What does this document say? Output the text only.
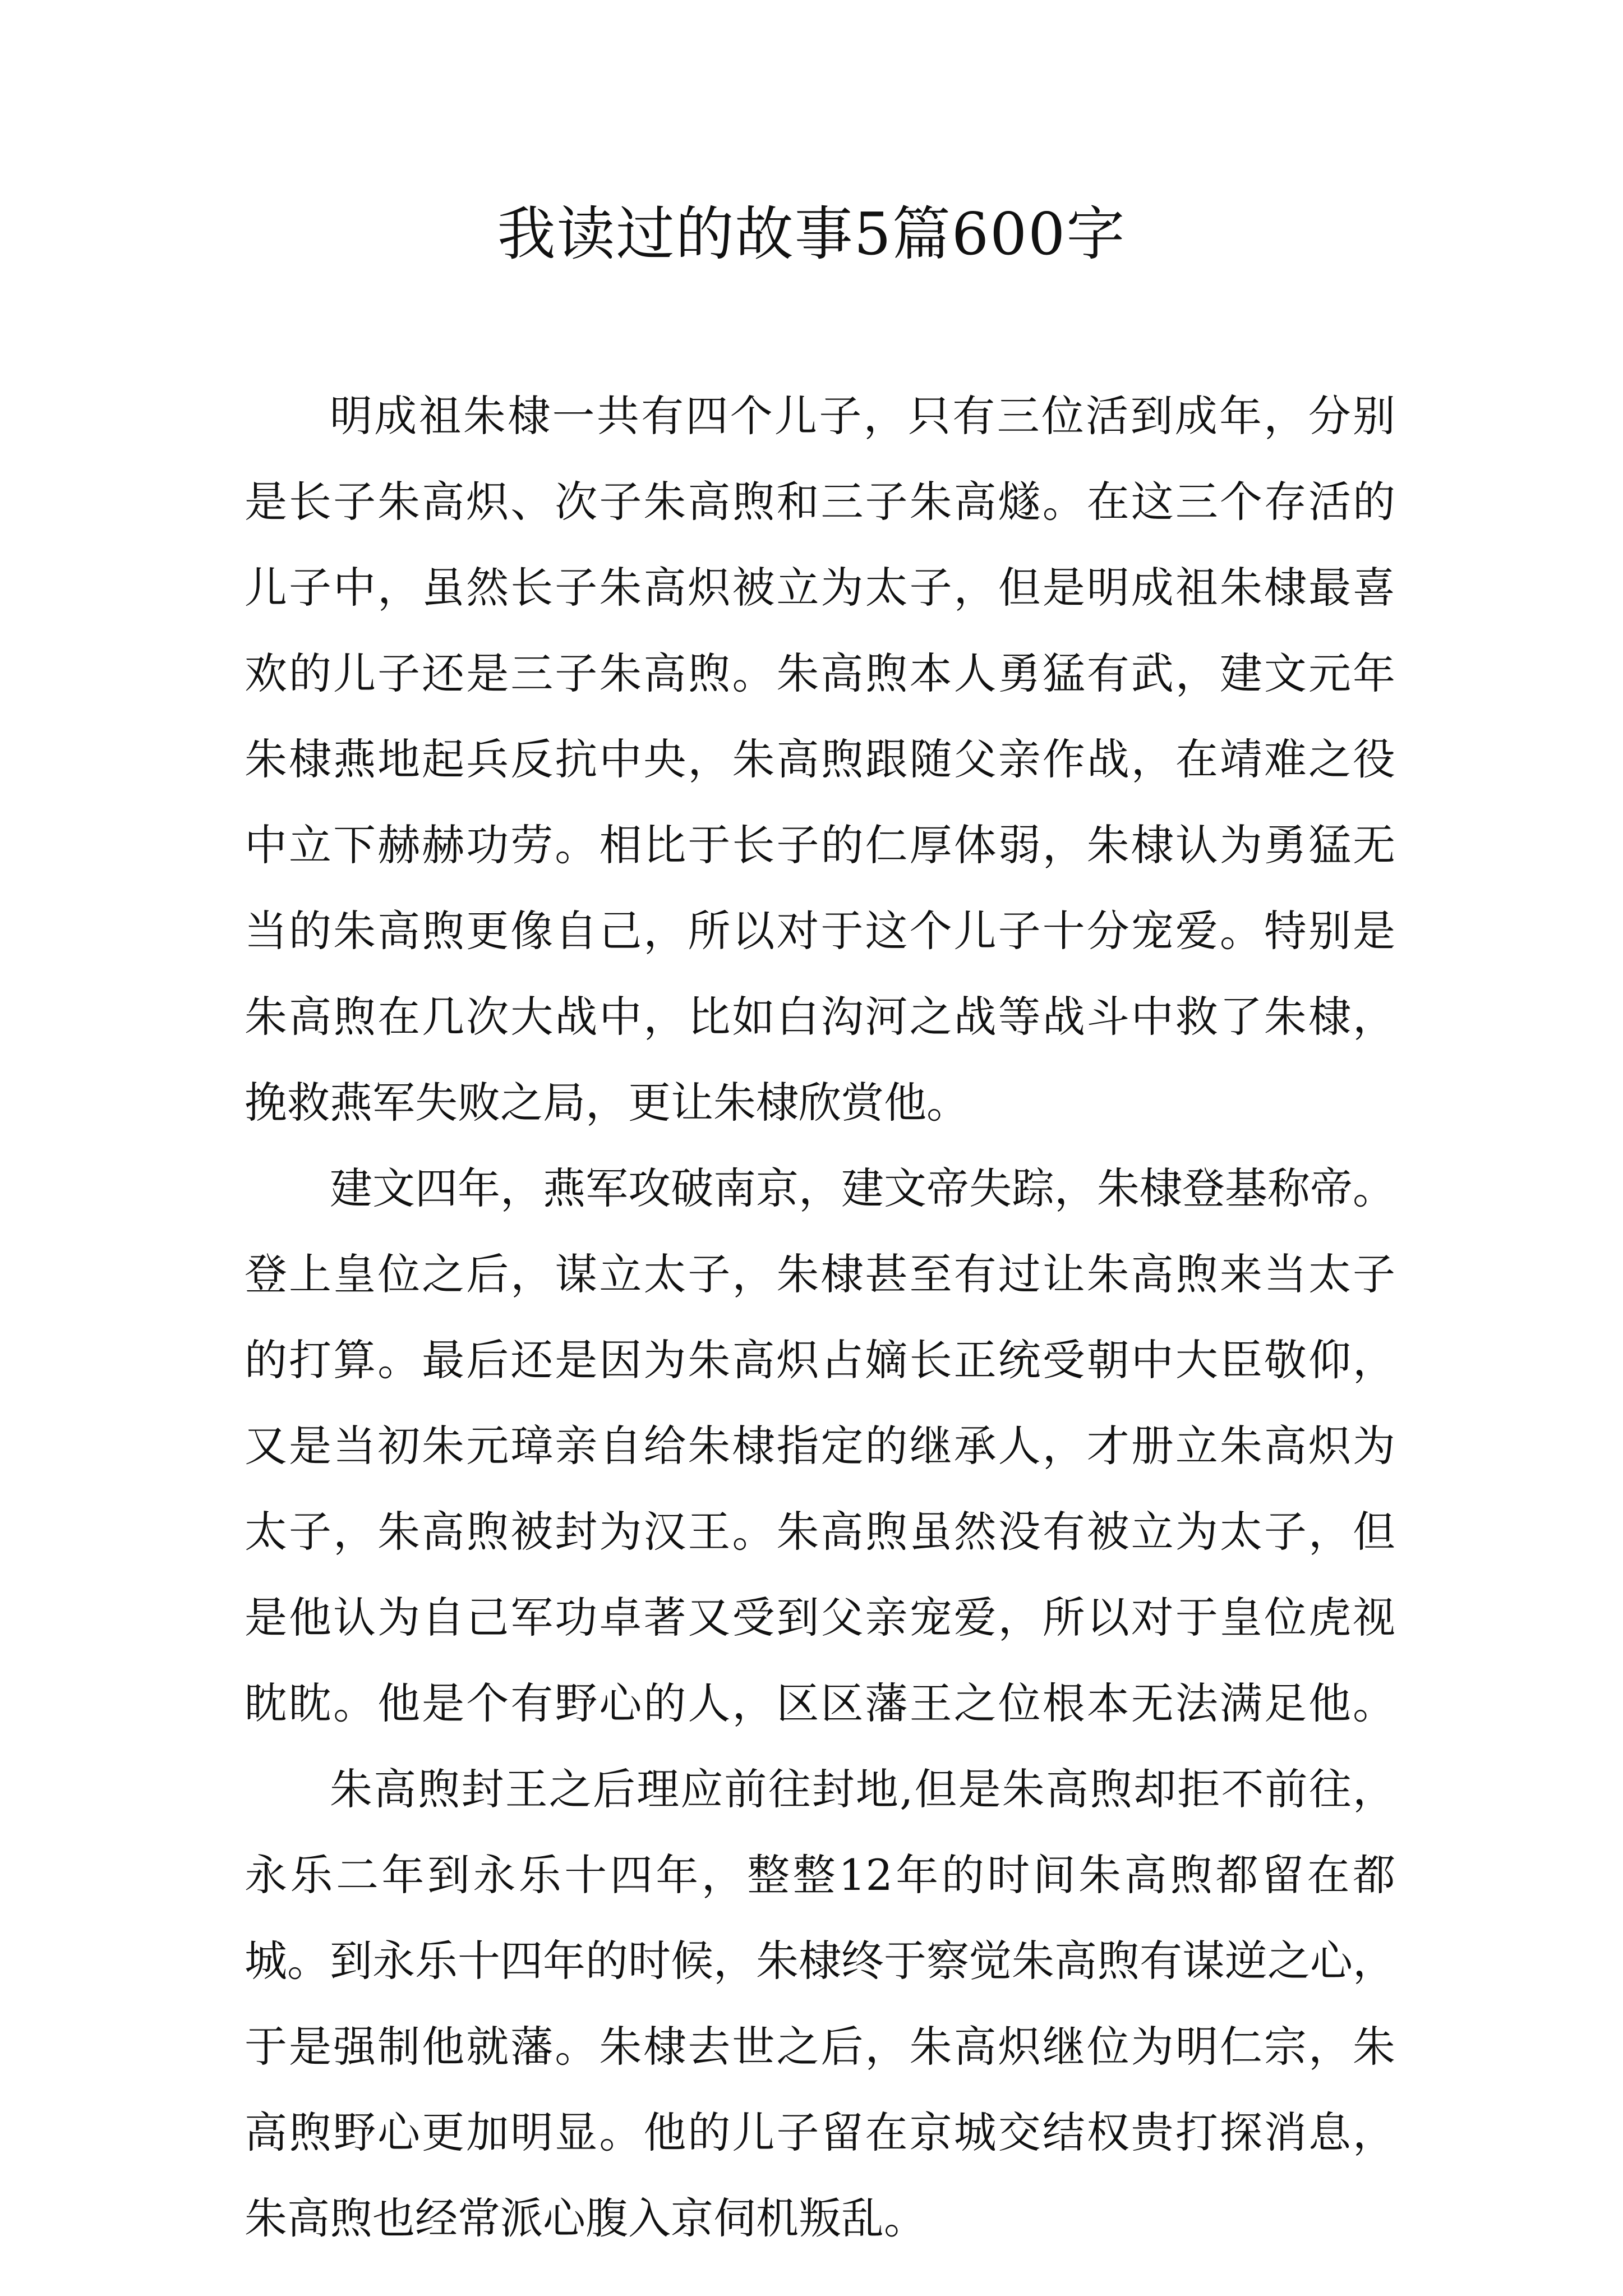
我读过的故事5篇600字
明成祖朱棣一共有四个儿子，只有三位活到成年，分别
是长子朱高炽、次子朱高煦和三子朱高燧。在这三个存活的
儿子中，虽然长子朱高炽被立为太子，但是明成祖朱棣最喜
欢的儿子还是三子朱高煦。朱高煦本人勇猛有武，建文元年
朱棣燕地起兵反抗中央，朱高煦跟随父亲作战，在靖难之役
中立下赫赫功劳。相比于长子的仁厚体弱，朱棣认为勇猛无
当的朱高煦更像自己，所以对于这个儿子十分宠爱。特别是
朱高煦在几次大战中，比如白沟河之战等战斗中救了朱棣，
挽救燕军失败之局，更让朱棣欣赏他。
建文四年，燕军攻破南京，建文帝失踪，朱棣登基称帝。
登上皇位之后，谋立太子，朱棣甚至有过让朱高煦来当太子
的打算。最后还是因为朱高炽占嫡长正统受朝中大臣敬仰，
又是当初朱元璋亲自给朱棣指定的继承人，才册立朱高炽为
太子，朱高煦被封为汉王。朱高煦虽然没有被立为太子，但
是他认为自己军功卓著又受到父亲宠爱，所以对于皇位虎视
眈眈。他是个有野心的人，区区藩王之位根本无法满足他。
朱高煦封王之后理应前往封地,但是朱高煦却拒不前往，
永乐二年到永乐十四年，整整12年的时间朱高煦都留在都
城。到永乐十四年的时候，朱棣终于察觉朱高煦有谋逆之心，
于是强制他就藩。朱棣去世之后，朱高炽继位为明仁宗，朱
高煦野心更加明显。他的儿子留在京城交结权贵打探消息，
朱高煦也经常派心腹入京伺机叛乱。
